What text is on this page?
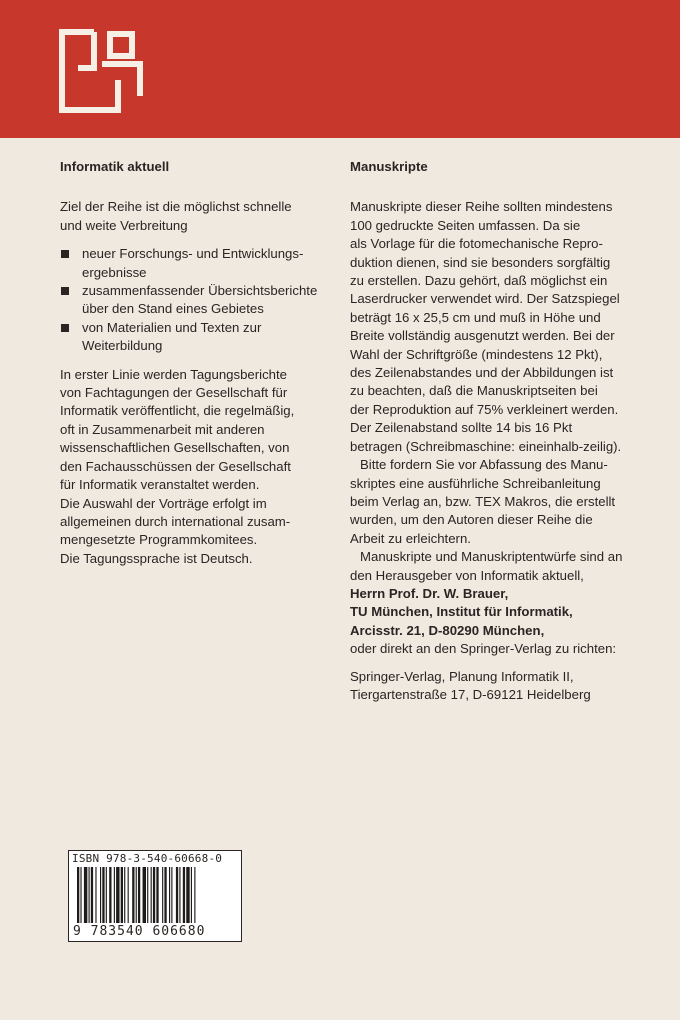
Informatik aktuell

Ziel der Reihe ist die möglichst schnelle
und weite Verbreitung

neuer Forschungs- und Entwicklungs-
ergebnisse
zusammenfassender Übersichtsberichte
über den Stand eines Gebietes
von Materialien und Texten zur
Weiterbildung

In erster Linie werden Tagungsberichte
von Fachtagungen der Gesellschaft für
Informatik veröffentlicht, die regelmäßig,
oft in Zusammenarbeit mit anderen
wissenschaftlichen Gesellschaften, von
den Fachausschüssen der Gesellschaft
für Informatik veranstaltet werden.
Die Auswahl der Vorträge erfolgt im
allgemeinen durch international zusam-
mengesetzte Programmkomitees.
Die Tagungssprache ist Deutsch.

Manuskripte

Manuskripte dieser Reihe sollten mindestens
100 gedruckte Seiten umfassen. Da sie
als Vorlage für die fotomechanische Repro-
duktion dienen, sind sie besonders sorgfältig
zu erstellen. Dazu gehört, daß möglichst ein
Laserdrucker verwendet wird. Der Satzspiegel
beträgt 16 x 25,5 cm und muß in Höhe und
Breite vollständig ausgenutzt werden. Bei der
Wahl der Schriftgröße (mindestens 12 Pkt),
des Zeilenabstandes und der Abbildungen ist
zu beachten, daß die Manuskriptseiten bei
der Reproduktion auf 75% verkleinert werden.
Der Zeilenabstand sollte 14 bis 16 Pkt
betragen (Schreibmaschine: eineinhalb-zeilig).

Bitte fordern Sie vor Abfassung des Manu-
skriptes eine ausführliche Schreibanleitung
beim Verlag an, bzw. TEX Makros, die erstellt
wurden, um den Autoren dieser Reihe die
Arbeit zu erleichtern.

Manuskripte und Manuskriptentwürfe sind an
den Herausgeber von Informatik aktuell,
Herrn Prof. Dr. W. Brauer,
TU München, Institut für Informatik,
Arcisstr. 21, D-80290 München,
oder direkt an den Springer-Verlag zu richten:

Springer-Verlag, Planung Informatik II,
Tiergartenstraße 17, D-69121 Heidelberg

ISBN 978-3-540-60668-0
9 783540 606680
